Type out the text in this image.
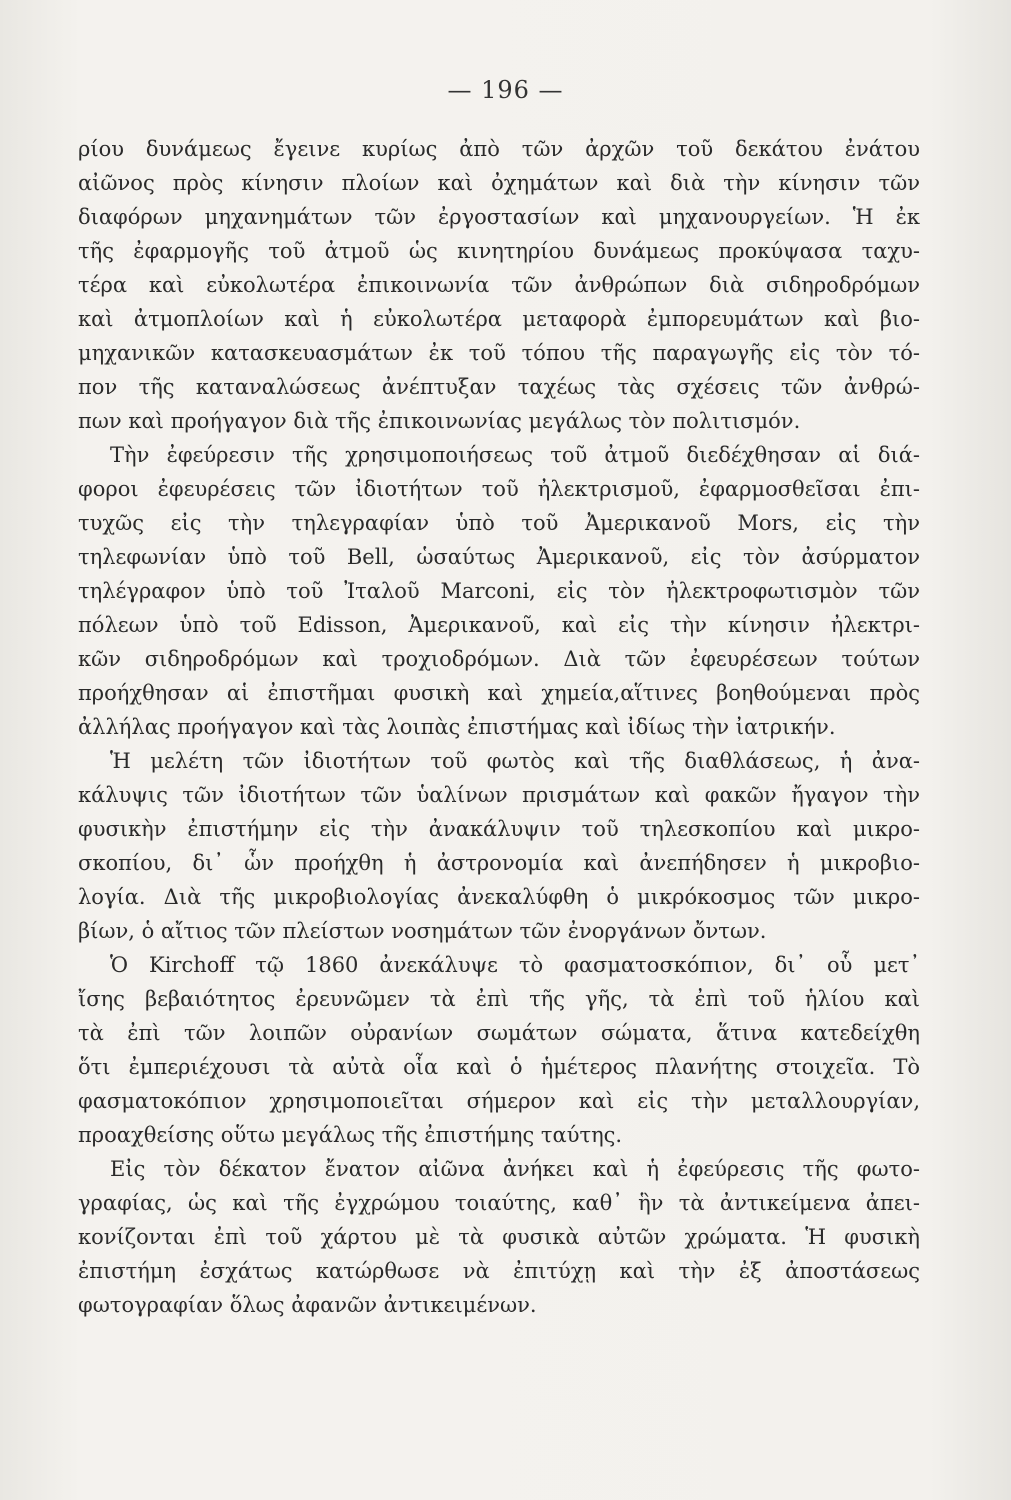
— 196 —
ρίου δυνάμεως ἔγεινε κυρίως ἀπὸ τῶν ἀρχῶν τοῦ δεκάτου ἐνάτου
αἰῶνος πρὸς κίνησιν πλοίων καὶ ὀχημάτων καὶ διὰ τὴν κίνησιν τῶν
διαφόρων μηχανημάτων τῶν ἐργοστασίων καὶ μηχανουργείων. Ἡ ἐκ
τῆς ἐφαρμογῆς τοῦ ἀτμοῦ ὡς κινητηρίου δυνάμεως προκύψασα ταχυ-
τέρα καὶ εὐκολωτέρα ἐπικοινωνία τῶν ἀνθρώπων διὰ σιδηροδρόμων
καὶ ἀτμοπλοίων καὶ ἡ εὐκολωτέρα μεταφορὰ ἐμπορευμάτων καὶ βιο-
μηχανικῶν κατασκευασμάτων ἐκ τοῦ τόπου τῆς παραγωγῆς εἰς τὸν τό-
πον τῆς καταναλώσεως ἀνέπτυξαν ταχέως τὰς σχέσεις τῶν ἀνθρώ-
πων καὶ προήγαγον διὰ τῆς ἐπικοινωνίας μεγάλως τὸν πολιτισμόν.
Τὴν ἐφεύρεσιν τῆς χρησιμοποιήσεως τοῦ ἀτμοῦ διεδέχθησαν αἱ διά-
φοροι ἐφευρέσεις τῶν ἰδιοτήτων τοῦ ἠλεκτρισμοῦ, ἐφαρμοσθεῖσαι ἐπι-
τυχῶς εἰς τὴν τηλεγραφίαν ὑπὸ τοῦ Ἀμερικανοῦ Mors, εἰς τὴν
τηλεφωνίαν ὑπὸ τοῦ Bell, ὡσαύτως Ἀμερικανοῦ, εἰς τὸν ἀσύρματον
τηλέγραφον ὑπὸ τοῦ Ἰταλοῦ Marconi, εἰς τὸν ἠλεκτροφωτισμὸν τῶν
πόλεων ὑπὸ τοῦ Edisson, Ἀμερικανοῦ, καὶ εἰς τὴν κίνησιν ἠλεκτρι-
κῶν σιδηροδρόμων καὶ τροχιοδρόμων. Διὰ τῶν ἐφευρέσεων τούτων
προήχθησαν αἱ ἐπιστῆμαι φυσικὴ καὶ χημεία,αἵτινες βοηθούμεναι πρὸς
ἀλλήλας προήγαγον καὶ τὰς λοιπὰς ἐπιστήμας καὶ ἰδίως τὴν ἰατρικήν.
Ἡ μελέτη τῶν ἰδιοτήτων τοῦ φωτὸς καὶ τῆς διαθλάσεως, ἡ ἀνα-
κάλυψις τῶν ἰδιοτήτων τῶν ὑαλίνων πρισμάτων καὶ φακῶν ἤγαγον τὴν
φυσικὴν ἐπιστήμην εἰς τὴν ἀνακάλυψιν τοῦ τηλεσκοπίου καὶ μικρο-
σκοπίου, δι᾽ ὧν προήχθη ἡ ἀστρονομία καὶ ἀνεπήδησεν ἡ μικροβιο-
λογία. Διὰ τῆς μικροβιολογίας ἀνεκαλύφθη ὁ μικρόκοσμος τῶν μικρο-
βίων, ὁ αἴτιος τῶν πλείστων νοσημάτων τῶν ἐνοργάνων ὄντων.
Ὁ Kirchoff τῷ 1860 ἀνεκάλυψε τὸ φασματοσκόπιον, δι᾽ οὗ μετ᾽
ἴσης βεβαιότητος ἐρευνῶμεν τὰ ἐπὶ τῆς γῆς, τὰ ἐπὶ τοῦ ἡλίου καὶ
τὰ ἐπὶ τῶν λοιπῶν οὐρανίων σωμάτων σώματα, ἅτινα κατεδείχθη
ὅτι ἐμπεριέχουσι τὰ αὐτὰ οἷα καὶ ὁ ἡμέτερος πλανήτης στοιχεῖα. Τὸ
φασματοκόπιον χρησιμοποιεῖται σήμερον καὶ εἰς τὴν μεταλλουργίαν,
προαχθείσης οὕτω μεγάλως τῆς ἐπιστήμης ταύτης.
Εἰς τὸν δέκατον ἔνατον αἰῶνα ἀνήκει καὶ ἡ ἐφεύρεσις τῆς φωτο-
γραφίας, ὡς καὶ τῆς ἐγχρώμου τοιαύτης, καθ᾽ ἣν τὰ ἀντικείμενα ἀπει-
κονίζονται ἐπὶ τοῦ χάρτου μὲ τὰ φυσικὰ αὐτῶν χρώματα. Ἡ φυσικὴ
ἐπιστήμη ἐσχάτως κατώρθωσε νὰ ἐπιτύχῃ καὶ τὴν ἐξ ἀποστάσεως
φωτογραφίαν ὅλως ἀφανῶν ἀντικειμένων.
